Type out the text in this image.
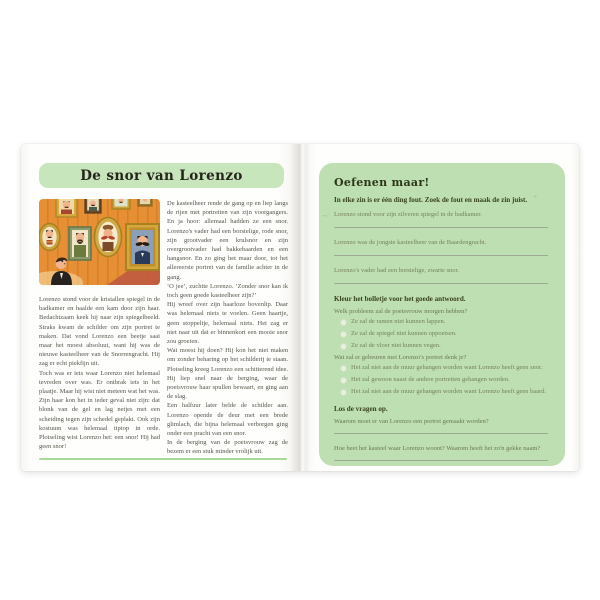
De snor van Lorenzo

Lorenzo stond voor de kristallen spiegel in de badkamer en haalde een kam door zijn haar. Bedachtzaam keek hij naar zijn spiegelbeeld. Straks kwam de schilder om zijn portret te maken. Dat vond Lorenzo een beetje saai maar het moest absoluut, want hij was de nieuwe kasteelheer van de Snorrengracht. Hij zag er echt piekfijn uit.

Toch was er iets waar Lorenzo niet helemaal tevreden over was. Er ontbrak iets in het plaatje. Maar hij wist niet meteen wat het was. Zijn haar kon het in ieder geval niet zijn: dat blonk van de gel en lag netjes met een scheiding tegen zijn schedel geplakt. Ook zijn kostuum was helemaal tiptop in orde. Plotseling wist Lorenzo het: een snor! Hij had geen snor!

De kasteelheer rende de gang op en liep langs de rijen met portretten van zijn voorgangers. En ja hoor: allemaal hadden ze een snor. Lorenzo's vader had een borstelige, rode snor, zijn grootvader een krulsnor en zijn overgrootvader had bakkebaarden en een hangsnor. En zo ging het maar door, tot het allereerste portret van de familie achter in de gang.

‘O jee’, zuchtte Lorenzo. ‘Zonder snor kan ik toch geen goede kasteelheer zijn?’

Hij wreef over zijn haarloze bovenlip. Daar was helemaal niets te voelen. Geen haartje, geen stoppeltje, helemaal niets. Het zag er niet naar uit dat er binnenkort een mooie snor zou groeien.

Wat moest hij doen? Hij kon het niet maken om zonder beharing op het schilderij te staan. Plotseling kreeg Lorenzo een schitterend idee. Hij liep snel naar de berging, waar de poetsvrouw haar spullen bewaart, en ging aan de slag.

Een halfuur later belde de schilder aan. Lorenzo opende de deur met een brede glimlach, die bijna helemaal verborgen ging onder een pracht van een snor.

In de berging van de poetsvrouw zag de bezem er een stuk minder vrolijk uit.

⁎
⁓
Oefenen maar!

In elke zin is er één ding fout. Zoek de fout en maak de zin juist.

Lorenzo stond voor zijn zilveren spiegel in de badkamer.

Lorenzo was de jongste kasteelheer van de Baardengracht.

Lorenzo's vader had een borstelige, zwarte snor.

Kleur het bolletje voor het goede antwoord.

Welk probleem zal de poetsvrouw morgen hebben?

Ze zal de ramen niet kunnen lappen.
Ze zal de spiegel niet kunnen oppoetsen.
Ze zal de vloer niet kunnen vegen.

Wat zal er gebeuren met Lorenzo's portret denk je?

Het zal niet aan de muur gehangen worden want Lorenzo heeft geen snor.
Het zal gewoon naast de andere portretten gehangen worden.
Het zal niet aan de muur gehangen worden want Lorenzo heeft geen baard.

Los de vragen op.

Waarom moet er van Lorenzo een portret gemaakt worden?

Hoe heet het kasteel waar Lorenzo woont? Waarom heeft het zo'n gekke naam?
